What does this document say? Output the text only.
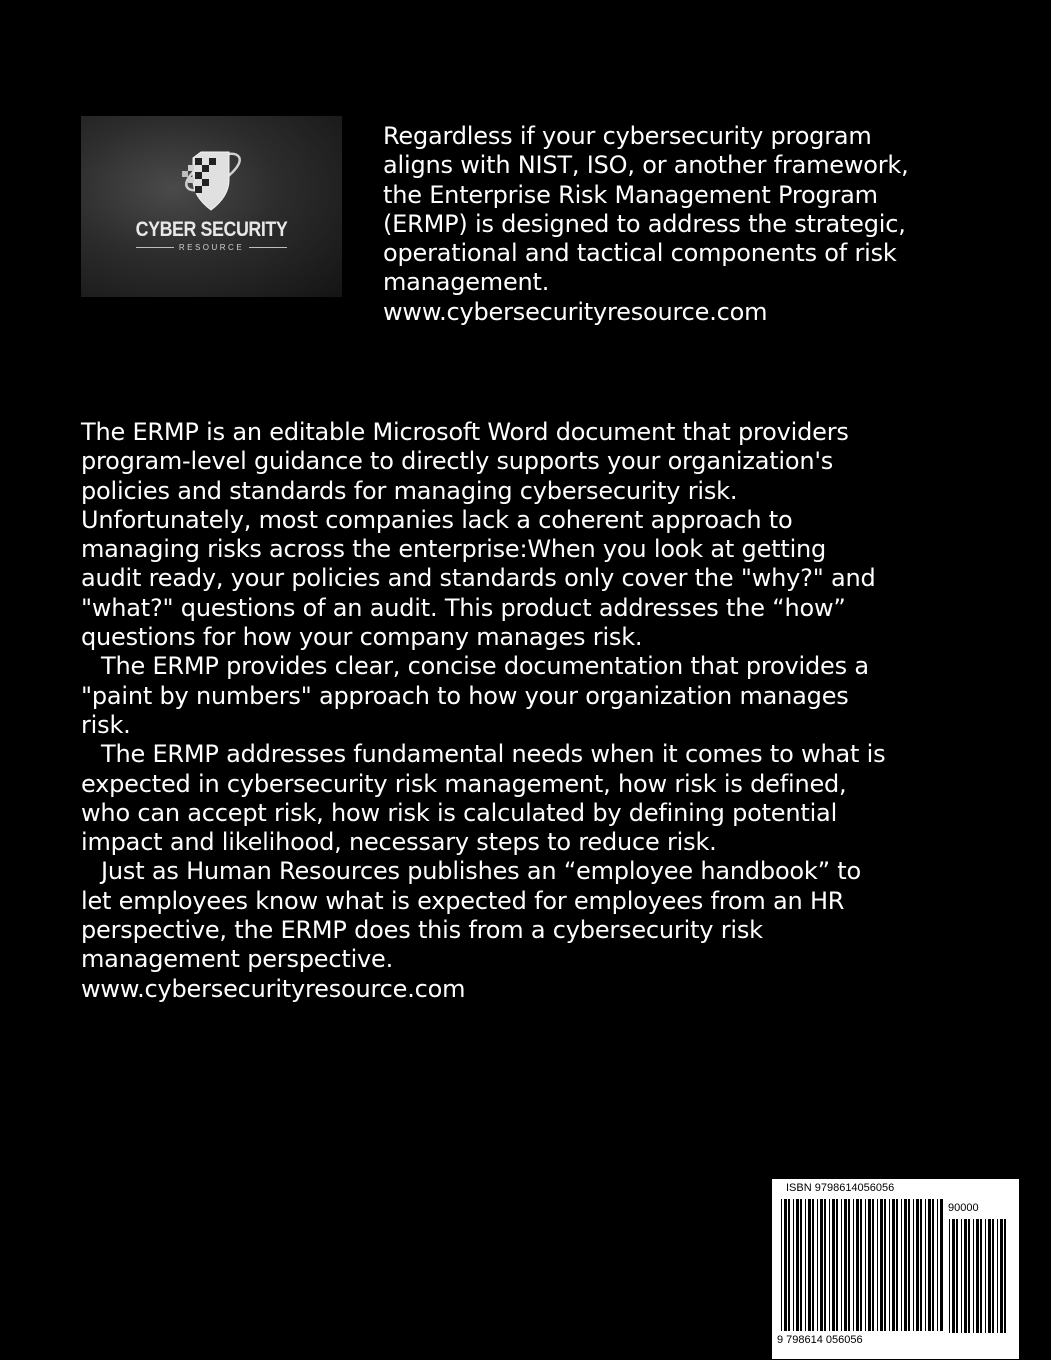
CYBER SECURITY
RESOURCE

Regardless if your cybersecurity program

aligns with NIST, ISO, or another framework,

the Enterprise Risk Management Program

(ERMP) is designed to address the strategic,

operational and tactical components of risk

management.

www.cybersecurityresource.com

The ERMP is an editable Microsoft Word document that providers

program-level guidance to directly supports your organization's

policies and standards for managing cybersecurity risk.

Unfortunately, most companies lack a coherent approach to

managing risks across the enterprise:When you look at getting

audit ready, your policies and standards only cover the "why?" and

"what?" questions of an audit. This product addresses the “how”

questions for how your company manages risk.

The ERMP provides clear, concise documentation that provides a

"paint by numbers" approach to how your organization manages

risk.

The ERMP addresses fundamental needs when it comes to what is

expected in cybersecurity risk management, how risk is defined,

who can accept risk, how risk is calculated by defining potential

impact and likelihood, necessary steps to reduce risk.

Just as Human Resources publishes an “employee handbook” to

let employees know what is expected for employees from an HR

perspective, the ERMP does this from a cybersecurity risk

management perspective.

www.cybersecurityresource.com

ISBN 9798614056056
90000
9 798614 056056
